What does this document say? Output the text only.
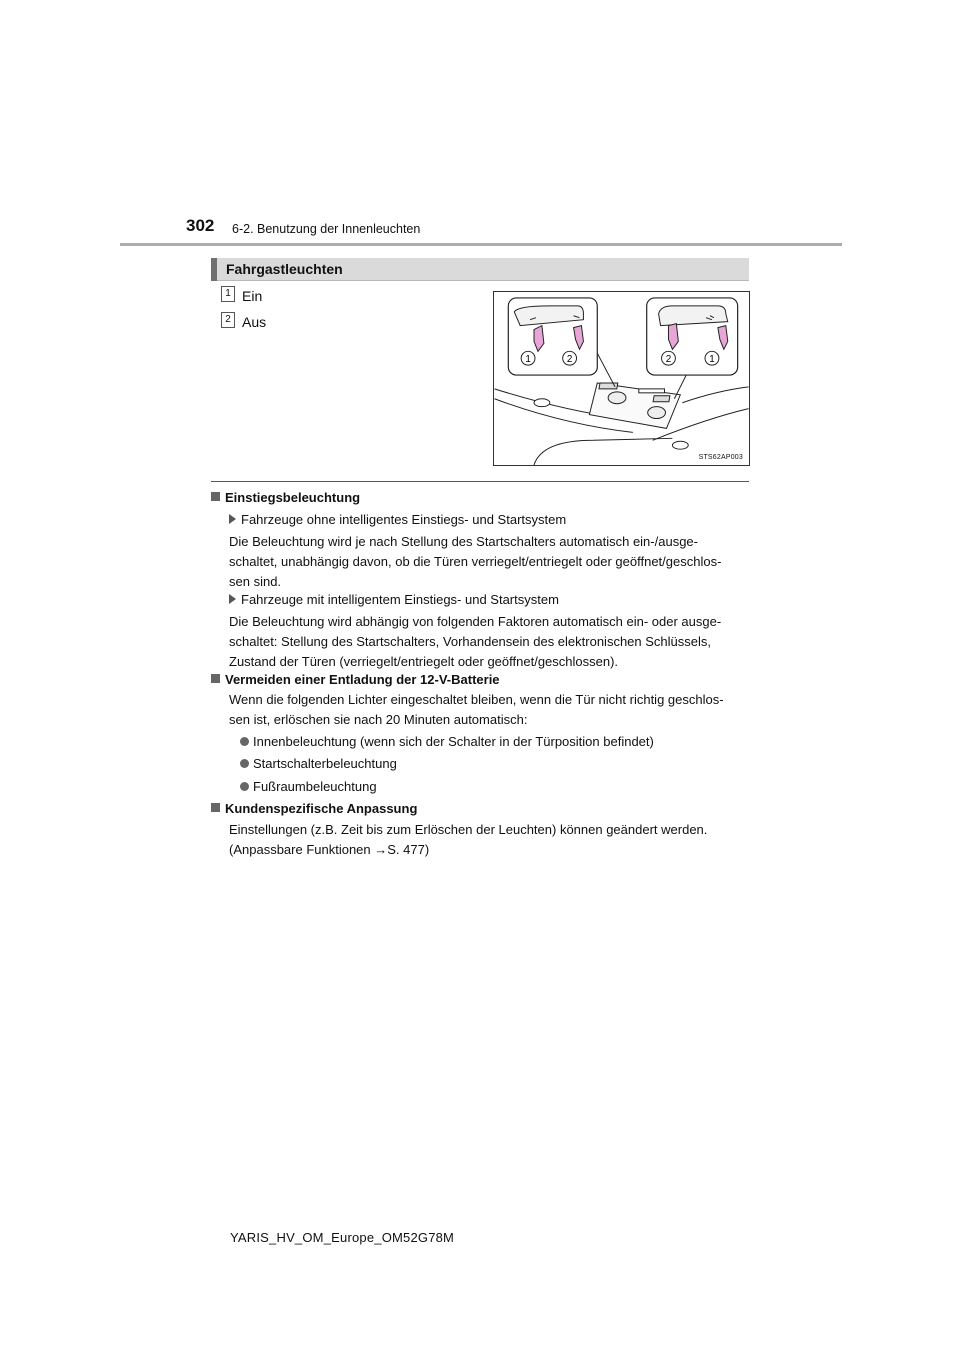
302 6-2. Benutzung der Innenleuchten
Fahrgastleuchten
1 Ein
2 Aus
1	2	2	1
STS62AP003
Einstiegsbeleuchtung
Fahrzeuge ohne intelligentes Einstiegs- und Startsystem
Die Beleuchtung wird je nach Stellung des Startschalters automatisch ein-/ausge-
schaltet, unabhängig davon, ob die Türen verriegelt/entriegelt oder geöffnet/geschlos-
sen sind.
Fahrzeuge mit intelligentem Einstiegs- und Startsystem
Die Beleuchtung wird abhängig von folgenden Faktoren automatisch ein- oder ausge-
schaltet: Stellung des Startschalters, Vorhandensein des elektronischen Schlüssels,
Zustand der Türen (verriegelt/entriegelt oder geöffnet/geschlossen).
Vermeiden einer Entladung der 12-V-Batterie
Wenn die folgenden Lichter eingeschaltet bleiben, wenn die Tür nicht richtig geschlos-
sen ist, erlöschen sie nach 20 Minuten automatisch:
Innenbeleuchtung (wenn sich der Schalter in der Türposition befindet)
Startschalterbeleuchtung
Fußraumbeleuchtung
Kundenspezifische Anpassung
Einstellungen (z.B. Zeit bis zum Erlöschen der Leuchten) können geändert werden.
(Anpassbare Funktionen →S. 477)
YARIS_HV_OM_Europe_OM52G78M
